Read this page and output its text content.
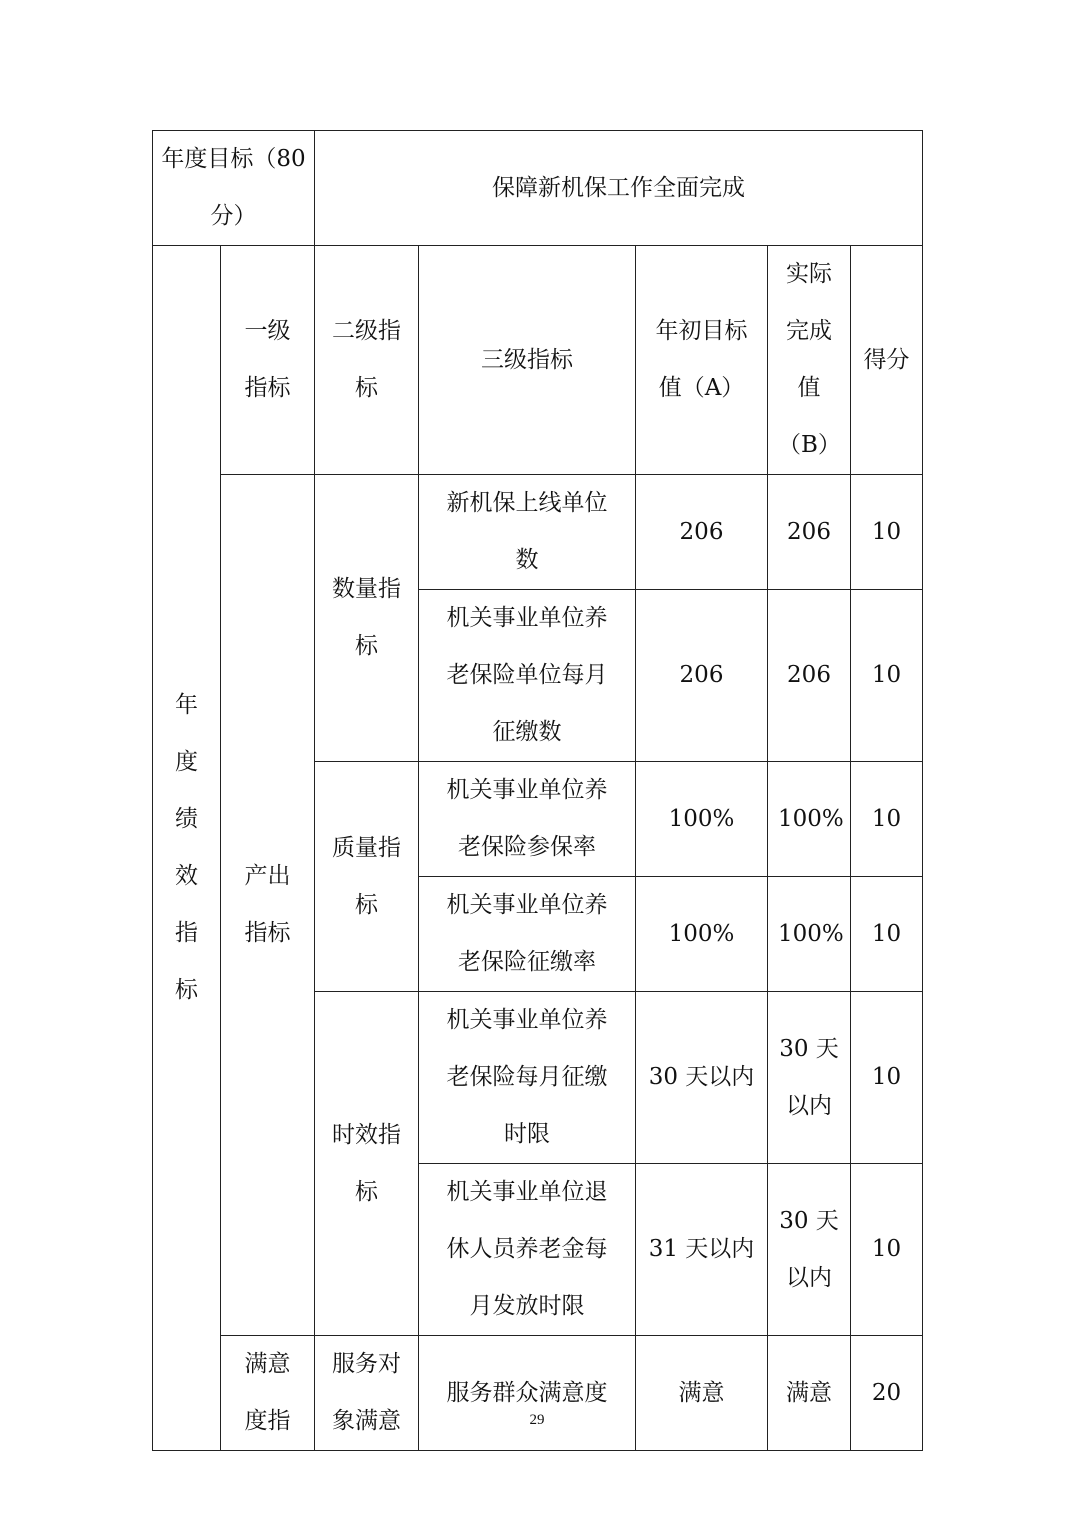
年度目标（80分）		保障新机保工作全面完成				

年度绩效指标	一级指标	二级指标	三级指标	年初目标值（A）	实际完成值（B）	得分

	产出指标	数量指标	新机保上线单位数	206	206	10

			机关事业单位养老保险单位每月征缴数	206	206	10

		质量指标	机关事业单位养老保险参保率	100%	100%	10

			机关事业单位养老保险征缴率	100%	100%	10

		时效指标	机关事业单位养老保险每月征缴时限	30 天以内	30 天以内	10

			机关事业单位退休人员养老金每月发放时限	31 天以内	30 天以内	10

	满意度指	服务对象满意	服务群众满意度	满意	满意	20
29
